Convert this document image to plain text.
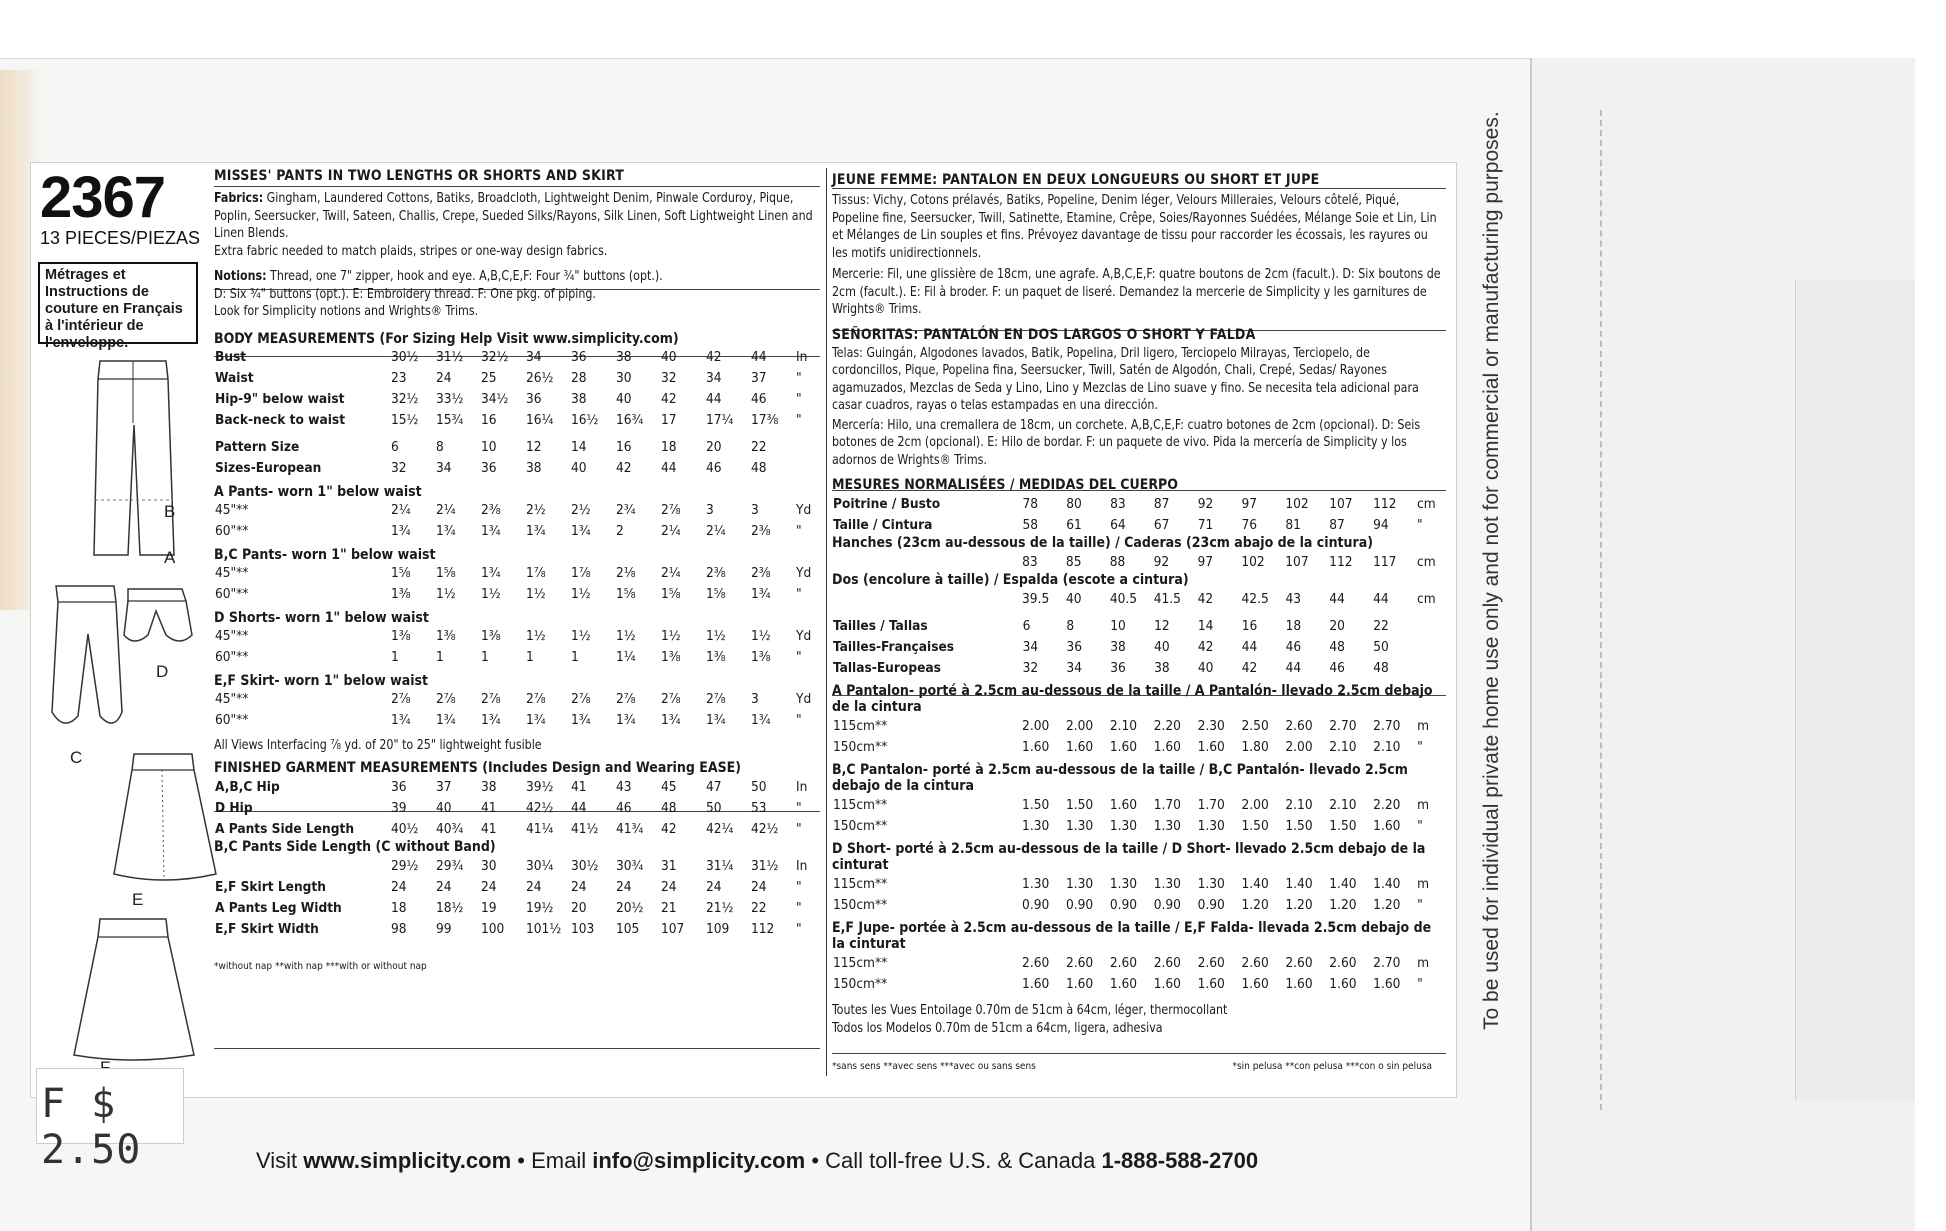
To be used for individual private home use only and not for commercial or manufacturing purposes.
2367
13 PIECES/PIEZAS
Métrages et Instructions de couture en Français à l'intérieur de l'enveloppe.
B
A
C
D
E
F $ 2.50
MISSES' PANTS IN TWO LENGTHS OR SHORTS AND SKIRT
Fabrics: Gingham, Laundered Cottons, Batiks, Broadcloth, Lightweight Denim, Pinwale Corduroy, Pique, Poplin, Seersucker, Twill, Sateen, Challis, Crepe, Sueded Silks/Rayons, Silk Linen, Soft Lightweight Linen and Linen Blends.
Extra fabric needed to match plaids, stripes or one-way design fabrics.
Notions: Thread, one 7" zipper, hook and eye. A,B,C,E,F: Four ¾" buttons (opt.).
D: Six ¾" buttons (opt.). E: Embroidery thread. F: One pkg. of piping.
Look for Simplicity notions and Wrights® Trims.
BODY MEASUREMENTS (For Sizing Help Visit www.simplicity.com)
Bust	30½	31½	32½	34	36	38	40	42	44	In
Waist	23	24	25	26½	28	30	32	34	37	"
Hip-9" below waist	32½	33½	34½	36	38	40	42	44	46	"
Back-neck to waist	15½	15¾	16	16¼	16½	16¾	17	17¼	17⅜	"
Pattern Size	6	8	10	12	14	16	18	20	22	
Sizes-European	32	34	36	38	40	42	44	46	48	
A Pants- worn 1" below waist
45"**	2¼	2¼	2⅜	2½	2½	2¾	2⅞	3	3	Yd
60"**	1¾	1¾	1¾	1¾	1¾	2	2¼	2¼	2⅜	"
B,C Pants- worn 1" below waist
45"**	1⅝	1⅝	1¾	1⅞	1⅞	2⅛	2¼	2⅜	2⅜	Yd
60"**	1⅜	1½	1½	1½	1½	1⅝	1⅝	1⅝	1¾	"
D Shorts- worn 1" below waist
45"**	1⅜	1⅜	1⅜	1½	1½	1½	1½	1½	1½	Yd
60"**	1	1	1	1	1	1¼	1⅜	1⅜	1⅜	"
E,F Skirt- worn 1" below waist
45"**	2⅞	2⅞	2⅞	2⅞	2⅞	2⅞	2⅞	2⅞	3	Yd
60"**	1¾	1¾	1¾	1¾	1¾	1¾	1¾	1¾	1¾	"
All Views Interfacing ⅞ yd. of 20" to 25" lightweight fusible
FINISHED GARMENT MEASUREMENTS (Includes Design and Wearing EASE)
A,B,C Hip	36	37	38	39½	41	43	45	47	50	In
D Hip	39	40	41	42½	44	46	48	50	53	"
A Pants Side Length	40½	40¾	41	41¼	41½	41¾	42	42¼	42½	"
B,C Pants Side Length (C without Band)
	29½	29¾	30	30¼	30½	30¾	31	31¼	31½	In
E,F Skirt Length	24	24	24	24	24	24	24	24	24	"
A Pants Leg Width	18	18½	19	19½	20	20½	21	21½	22	"
E,F Skirt Width	98	99	100	101½	103	105	107	109	112	"
*without nap **with nap ***with or without nap
JEUNE FEMME: PANTALON EN DEUX LONGUEURS OU SHORT ET JUPE
Tissus: Vichy, Cotons prélavés, Batiks, Popeline, Denim léger, Velours Milleraies, Velours côtelé, Piqué, Popeline fine, Seersucker, Twill, Satinette, Etamine, Crêpe, Soies/Rayonnes Suédées, Mélange Soie et Lin, Lin et Mélanges de Lin souples et fins. Prévoyez davantage de tissu pour raccorder les écossais, les rayures ou les motifs unidirectionnels.
Mercerie: Fil, une glissière de 18cm, une agrafe. A,B,C,E,F: quatre boutons de 2cm (facult.). D: Six boutons de 2cm (facult.). E: Fil à broder. F: un paquet de liseré. Demandez la mercerie de Simplicity y les garnitures de Wrights® Trims.
SEÑORITAS: PANTALÓN EN DOS LARGOS O SHORT Y FALDA
Telas: Guingán, Algodones lavados, Batik, Popelina, Dril ligero, Terciopelo Milrayas, Terciopelo, de cordoncillos, Pique, Popelina fina, Seersucker, Twill, Satén de Algodón, Chali, Crepé, Sedas/ Rayones agamuzados, Mezclas de Seda y Lino, Lino y Mezclas de Lino suave y fino. Se necesita tela adicional para casar cuadros, rayas o telas estampadas en una dirección.
Mercería: Hilo, una cremallera de 18cm, un corchete. A,B,C,E,F: cuatro botones de 2cm (opcional). D: Seis botones de 2cm (opcional). E: Hilo de bordar. F: un paquete de vivo. Pida la mercería de Simplicity y los adornos de Wrights® Trims.
MESURES NORMALISÉES / MEDIDAS DEL CUERPO
Poitrine / Busto	78	80	83	87	92	97	102	107	112	cm
Taille / Cintura	58	61	64	67	71	76	81	87	94	"
Hanches (23cm au-dessous de la taille) / Caderas (23cm abajo de la cintura)
	83	85	88	92	97	102	107	112	117	cm
Dos (encolure à taille) / Espalda (escote a cintura)
	39.5	40	40.5	41.5	42	42.5	43	44	44	cm
Tailles / Tallas	6	8	10	12	14	16	18	20	22	
Tailles-Françaises	34	36	38	40	42	44	46	48	50	
Tallas-Europeas	32	34	36	38	40	42	44	46	48	
A Pantalon- porté à 2.5cm au-dessous de la taille / A Pantalón- llevado 2.5cm debajo de la cintura
115cm**	2.00	2.00	2.10	2.20	2.30	2.50	2.60	2.70	2.70	m
150cm**	1.60	1.60	1.60	1.60	1.60	1.80	2.00	2.10	2.10	"
B,C Pantalon- porté à 2.5cm au-dessous de la taille / B,C Pantalón- llevado 2.5cm debajo de la cintura
115cm**	1.50	1.50	1.60	1.70	1.70	2.00	2.10	2.10	2.20	m
150cm**	1.30	1.30	1.30	1.30	1.30	1.50	1.50	1.50	1.60	"
D Short- porté à 2.5cm au-dessous de la taille / D Short- llevado 2.5cm debajo de la cinturat
115cm**	1.30	1.30	1.30	1.30	1.30	1.40	1.40	1.40	1.40	m
150cm**	0.90	0.90	0.90	0.90	0.90	1.20	1.20	1.20	1.20	"
E,F Jupe- portée à 2.5cm au-dessous de la taille / E,F Falda- llevada 2.5cm debajo de la cinturat
115cm**	2.60	2.60	2.60	2.60	2.60	2.60	2.60	2.60	2.70	m
150cm**	1.60	1.60	1.60	1.60	1.60	1.60	1.60	1.60	1.60	"
Toutes les Vues Entoilage 0.70m de 51cm à 64cm, léger, thermocollant
Todos los Modelos 0.70m de 51cm a 64cm, ligera, adhesiva
*sans sens **avec sens ***avec ou sans sens	*sin pelusa **con pelusa ***con o sin pelusa
Visit www.simplicity.com • Email info@simplicity.com • Call toll-free U.S. & Canada 1-888-588-2700
